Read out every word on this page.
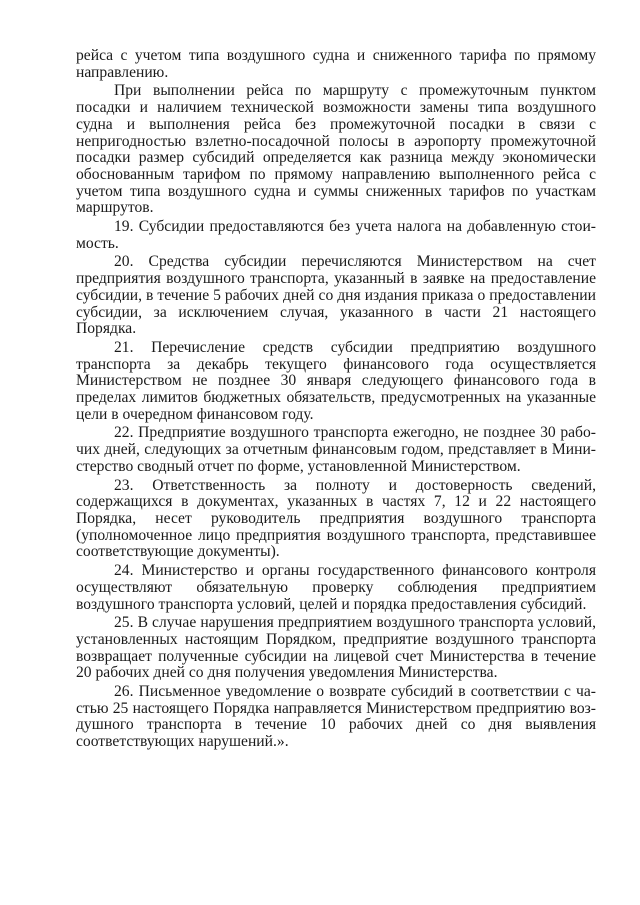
рейса с учетом типа воздушного судна и сниженного тарифа по прямому направлению.

При выполнении рейса по маршруту с промежуточным пунктом посадки и наличием технической возможности замены типа воздушного судна и выполнения рейса без промежуточной посадки в связи с непригодностью взлетно-посадочной полосы в аэропорту промежуточной посадки размер субсидий определяется как разница между экономически обоснованным тарифом по прямому направлению выполненного рейса с учетом типа воздушного судна и суммы сниженных тарифов по участкам маршрутов.

19. Субсидии предоставляются без учета налога на добавленную стоимость.

20. Средства субсидии перечисляются Министерством на счет предприятия воздушного транспорта, указанный в заявке на предоставление субсидии, в течение 5 рабочих дней со дня издания приказа о предоставлении субсидии, за исключением случая, указанного в части 21 настоящего Порядка.

21. Перечисление средств субсидии предприятию воздушного транспорта за декабрь текущего финансового года осуществляется Министерством не позднее 30 января следующего финансового года в пределах лимитов бюджетных обязательств, предусмотренных на указанные цели в очередном финансовом году.

22. Предприятие воздушного транспорта ежегодно, не позднее 30 рабочих дней, следующих за отчетным финансовым годом, представляет в Министерство сводный отчет по форме, установленной Министерством.

23. Ответственность за полноту и достоверность сведений, содержащихся в документах, указанных в частях 7, 12 и 22 настоящего Порядка, несет руководитель предприятия воздушного транспорта (уполномоченное лицо предприятия воздушного транспорта, представившее соответствующие документы).

24. Министерство и органы государственного финансового контроля осуществляют обязательную проверку соблюдения предприятием воздушного транспорта условий, целей и порядка предоставления субсидий.

25. В случае нарушения предприятием воздушного транспорта условий, установленных настоящим Порядком, предприятие воздушного транспорта возвращает полученные субсидии на лицевой счет Министерства в течение 20 рабочих дней со дня получения уведомления Министерства.

26. Письменное уведомление о возврате субсидий в соответствии с частью 25 настоящего Порядка направляется Министерством предприятию воздушного транспорта в течение 10 рабочих дней со дня выявления соответствующих нарушений.».
